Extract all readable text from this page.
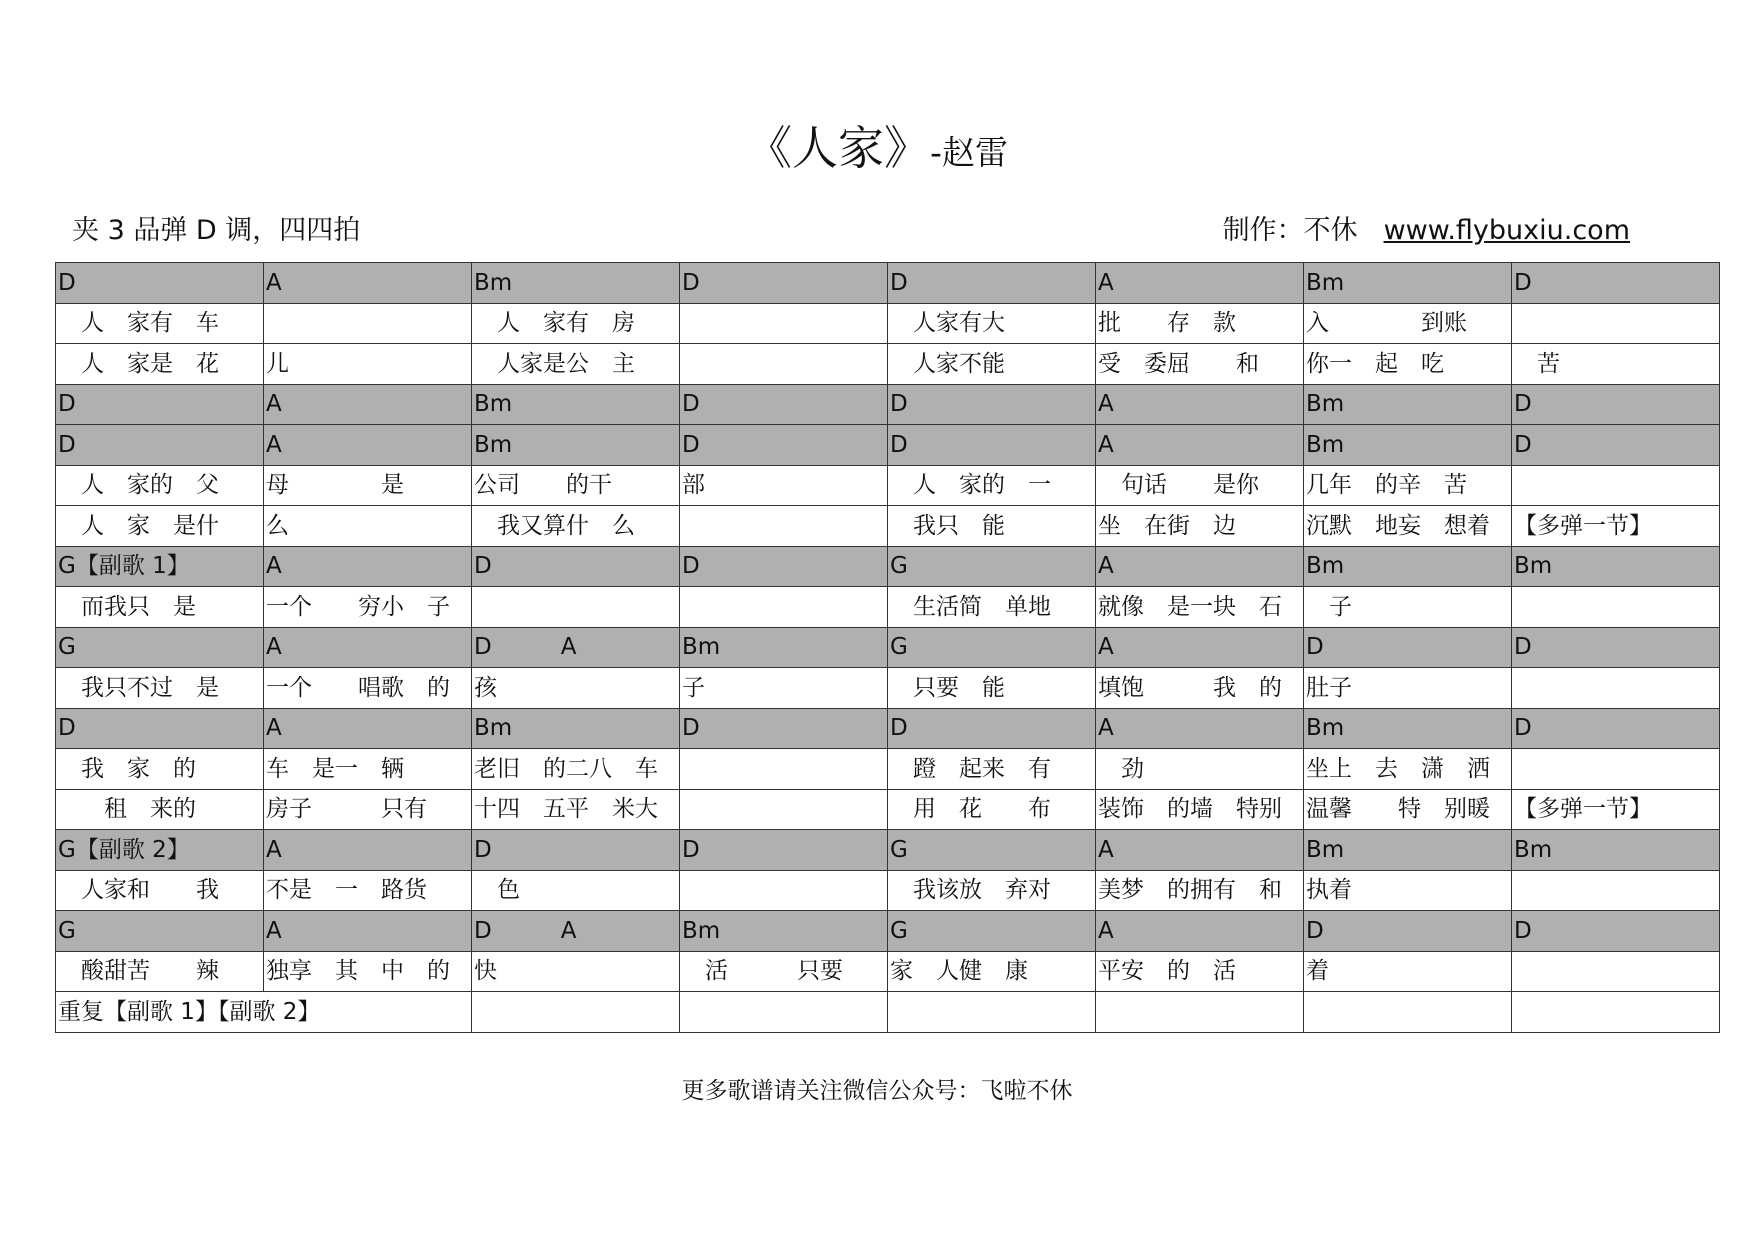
《人家》-赵雷
夹 3 品弹 D 调，四四拍	制作：不休 www.flybuxiu.com
D	A	Bm	D	D	A	Bm	D
　人　家有　车		　人　家有　房		　人家有大	批　　存　款	入　　　　到账	
　人　家是　花	儿	　人家是公　主		　人家不能	受　委屈　　和	你一　起　吃	　苦
D	A	Bm	D	D	A	Bm	D
D	A	Bm	D	D	A	Bm	D
　人　家的　父	母　　　　是	公司　　的干	部	　人　家的　一	　句话　　是你	几年　的辛　苦	
　人　家　是什	么	　我又算什　么		　我只　能	坐　在街　边	沉默　地妄　想着	【多弹一节】
G【副歌 1】	A	D	D	G	A	Bm	Bm
　而我只　是	一个　　穷小　子			　生活简　单地	就像　是一块　石	　子	
G	A	D　　　A	Bm	G	A	D	D
　我只不过　是	一个　　唱歌　的	孩	子	　只要　能	填饱　　　我　的	肚子	
D	A	Bm	D	D	A	Bm	D
　我　家　的	车　是一　辆	老旧　的二八　车		　蹬　起来　有	　劲	坐上　去　潇　洒	
　　租　来的	房子　　　只有	十四　五平　米大		　用　花　　布	装饰　的墙　特别	温馨　　特　别暖	【多弹一节】
G【副歌 2】	A	D	D	G	A	Bm	Bm
　人家和　　我	不是　一　路货	　色		　我该放　弃对	美梦　的拥有　和	执着	
G	A	D　　　A	Bm	G	A	D	D
　酸甜苦　　辣	独享　其　中　的	快	　活　　　只要	家　人健　康	平安　的　活	着	
重复【副歌 1】【副歌 2】							
更多歌谱请关注微信公众号：飞啦不休
